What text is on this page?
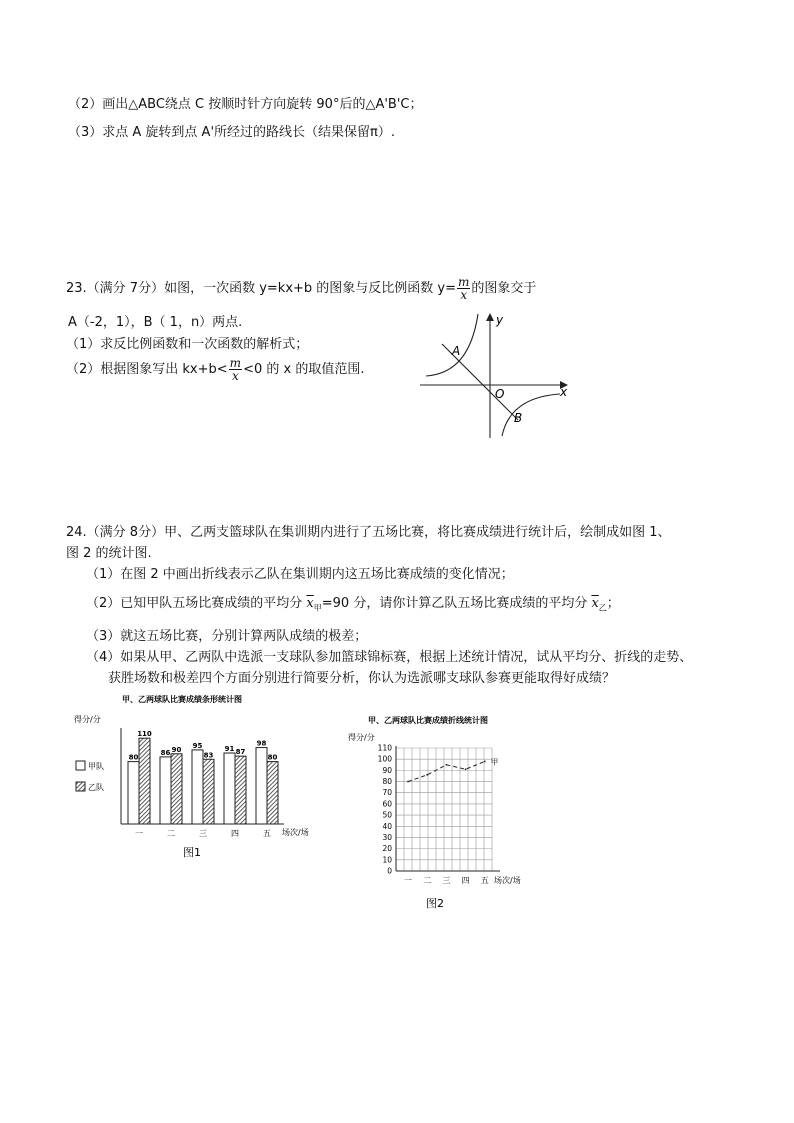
（2）画出△ABC绕点 C 按顺时针方向旋转 90°后的△A'B'C；
（3）求点 A 旋转到点 A'所经过的路线长（结果保留π）.
23.（满分 7分）如图，一次函数 y=kx+b 的图象与反比例函数 $y= \frac{m}{x}$ 的图象交于
A（-2，1），B（ 1，n）两点.
（1）求反比例函数和一次函数的解析式；
（2）根据图象写出 $kx+b< \frac{m}{x} <0$ 的 x 的取值范围.
A
B
O
y
x
24.（满分 8分）甲、乙两支篮球队在集训期内进行了五场比赛，将比赛成绩进行统计后，绘制成如图 1、
图 2 的统计图.
（1）在图 2 中画出折线表示乙队在集训期内这五场比赛成绩的变化情况；
（2）已知甲队五场比赛成绩的平均分 $\overline{x}_甲=90$ 分，请你计算乙队五场比赛成绩的平均分 $\overline{x}_乙$；
（3）就这五场比赛，分别计算两队成绩的极差；
（4）如果从甲、乙两队中选派一支球队参加篮球锦标赛，根据上述统计情况，试从平均分、折线的走势、
获胜场数和极差四个方面分别进行简要分析，你认为选派哪支球队参赛更能取得好成绩？
甲、乙两球队比赛成绩条形统计图
得分/分
甲队
乙队
80
110
一
86 90
二
95
83
三
91 87
四
98
80
五 场次/场
图1
甲、乙两球队比赛成绩折线统计图
得分/分
0
10
20
30
40
50
60
70
80
90
100
110
一 二 三 四 五
甲
场次/场
图2
